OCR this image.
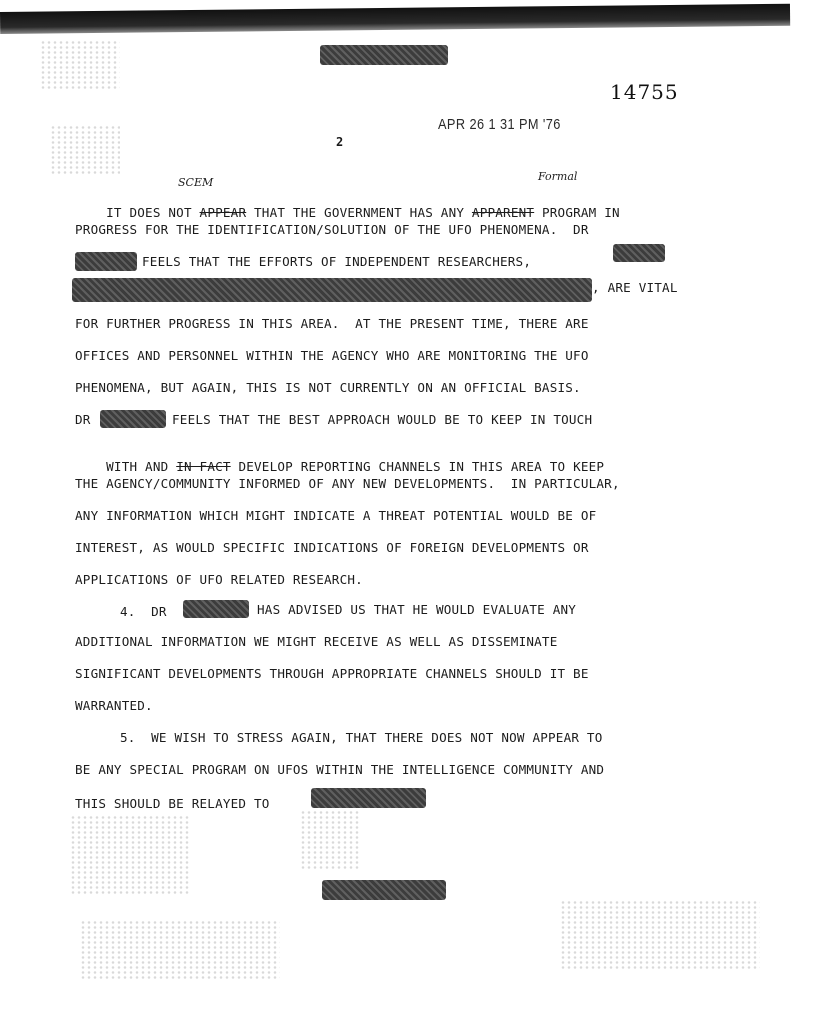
14755
APR 26 1 31 PM '76
2
SCEM	Formal

IT DOES NOT APPEAR THAT THE GOVERNMENT HAS ANY APPARENT PROGRAM IN

PROGRESS FOR THE IDENTIFICATION/SOLUTION OF THE UFO PHENOMENA.  DR
FEELS THAT THE EFFORTS OF INDEPENDENT RESEARCHERS,
, ARE VITAL
FOR FURTHER PROGRESS IN THIS AREA.  AT THE PRESENT TIME, THERE ARE
OFFICES AND PERSONNEL WITHIN THE AGENCY WHO ARE MONITORING THE UFO
PHENOMENA, BUT AGAIN, THIS IS NOT CURRENTLY ON AN OFFICIAL BASIS.
DR	FEELS THAT THE BEST APPROACH WOULD BE TO KEEP IN TOUCH

WITH AND IN FACT DEVELOP REPORTING CHANNELS IN THIS AREA TO KEEP

THE AGENCY/COMMUNITY INFORMED OF ANY NEW DEVELOPMENTS.  IN PARTICULAR,
ANY INFORMATION WHICH MIGHT INDICATE A THREAT POTENTIAL WOULD BE OF
INTEREST, AS WOULD SPECIFIC INDICATIONS OF FOREIGN DEVELOPMENTS OR
APPLICATIONS OF UFO RELATED RESEARCH.
4.  DR	HAS ADVISED US THAT HE WOULD EVALUATE ANY
ADDITIONAL INFORMATION WE MIGHT RECEIVE AS WELL AS DISSEMINATE
SIGNIFICANT DEVELOPMENTS THROUGH APPROPRIATE CHANNELS SHOULD IT BE
WARRANTED.
5.  WE WISH TO STRESS AGAIN, THAT THERE DOES NOT NOW APPEAR TO
BE ANY SPECIAL PROGRAM ON UFOS WITHIN THE INTELLIGENCE COMMUNITY AND
THIS SHOULD BE RELAYED TO
